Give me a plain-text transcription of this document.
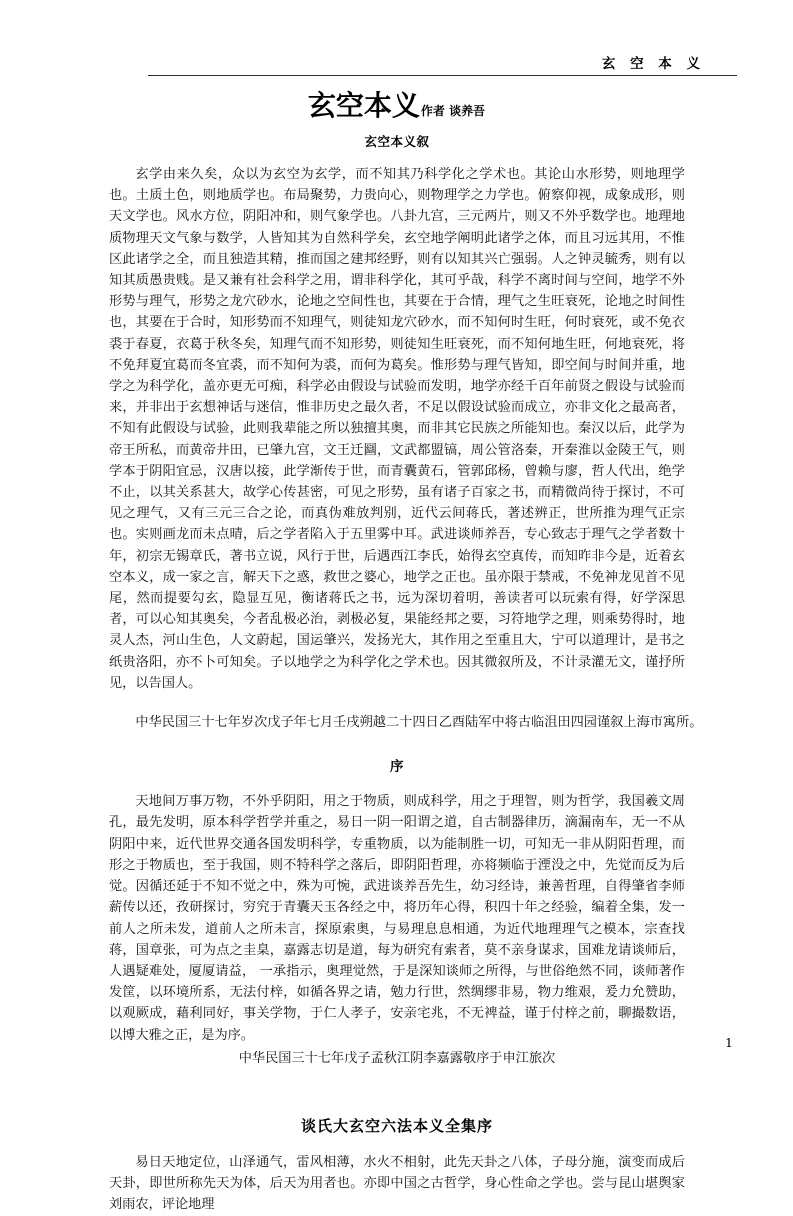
玄 空 本 义
玄空本义作者 谈养吾
玄空本义叙

玄学由来久矣，众以为玄空为玄学，而不知其乃科学化之学术也。其论山水形势，则地理学也。土质土色，则地质学也。布局聚势，力贵向心，则物理学之力学也。俯察仰视，成象成形，则天文学也。风水方位，阴阳冲和，则气象学也。八卦九宫，三元两片，则又不外乎数学也。地理地质物理天文气象与数学，人皆知其为自然科学矣，玄空地学阐明此诸学之体，而且习远其用，不惟区此诸学之全，而且独造其精，推而国之建邦经野，则有以知其兴亡强弱。人之钟灵毓秀，则有以知其质愚贵贱。是又兼有社会科学之用，谓非科学化，其可乎哉，科学不离时间与空间，地学不外形势与理气，形势之龙穴砂水，论地之空间性也，其要在于合情，理气之生旺衰死，论地之时间性也，其要在于合时，知形势而不知理气，则徒知龙穴砂水，而不知何时生旺，何时衰死，或不免衣裘于春夏，衣葛于秋冬矣，知理气而不知形势，则徒知生旺衰死，而不知何地生旺，何地衰死，将不免拜夏宜葛而冬宜裘，而不知何为裘，而何为葛矣。惟形势与理气皆知，即空间与时间并重，地学之为科学化，盖亦更无可痴，科学必由假设与试验而发明，地学亦经千百年前贤之假设与试验而来，并非出于玄想神话与迷信，惟非历史之最久者，不足以假设试验而成立，亦非文化之最高者，不知有此假设与试验，此则我辈能之所以独擅其奥，而非其它民族之所能知也。秦汉以后，此学为帝王所私，而黄帝井田，已肇九宫，文王迁圝，文武都盟镐，周公管洛秦，开秦淮以金陵王气，则学本于阴阳宜忌，汉唐以接，此学渐传于世，而青囊黄石，管郭邱杨，曾赖与廖，哲人代出，绝学不止，以其关系甚大，故学心传甚密，可见之形势，虽有诸子百家之书，而精微尚待于探讨，不可见之理气，又有三元三合之论，而真伪难放判别，近代云间蒋氏，著述辨正，世所推为理气正宗也。实则画龙而未点晴，后之学者陷入于五里雾中耳。武进谈师养吾，专心致志于理气之学者数十年，初宗无锡章氏，著书立说，风行于世，后遇西江李氏，始得玄空真传，而知昨非今是，近着玄空本义，成一家之言，解天下之惑，救世之婆心，地学之正也。虽亦限于禁戒，不免神龙见首不见尾，然而提要勾玄，隐显互见，衡诸蒋氏之书，远为深切着明，善读者可以玩索有得，好学深思者，可以心知其奥矣，今者乱极必治，剥极必复，果能经邦之要，习符地学之理，则乘势得时，地灵人杰，河山生色，人文蔚起，国运肇兴，发扬光大，其作用之至重且大，宁可以道理计，是书之纸贵洛阳，亦不卜可知矣。子以地学之为科学化之学术也。因其微叙所及，不计录灌无文，谨抒所见，以告国人。

中华民国三十七年岁次戊子年七月壬戌朔越二十四日乙酉陆军中将古临沮田四园谨叙上海市寓所。

序

天地间万事万物，不外乎阴阳，用之于物质，则成科学，用之于理智，则为哲学，我国羲文周孔，最先发明，原本科学哲学并重之，易日一阴一阳谓之道，自古制器律历，滴漏南车，无一不从阴阳中来，近代世界交通各国发明科学，专重物质，以为能制胜一切，可知无一非从阴阳哲理，而形之于物质也，至于我国，则不特科学之落后，即阴阳哲理，亦将频临于湮没之中，先觉而反为后觉。因循还延于不知不觉之中，殊为可惋，武进谈养吾先生，幼习经诗，兼善哲理，自得肇省李师薪传以还，孜研探讨，穷究于青囊天玉各经之中，将历年心得，积四十年之经验，编着全集，发一前人之所未发，道前人之所未言，探原索奥，与易理息息相通，为近代地理理气之模本，宗查找蒋，国章张，可为点之圭臬，嘉露志切是道，每为研究有索者，莫不亲身谋求，国难龙请谈师后，人遇疑难处，厦厦请益， 一承指示，奥理觉然，于是深知谈师之所得，与世俗绝然不同，谈师著作发筐，以环境所系，无法付梓，如循各界之请，勉力行世，然绸缪非易，物力维艰，爰力允赞助，以观厥成，藉利同好，事关学物，于仁人孝子，安亲宅兆，不无裨益，谨于付梓之前，聊撮数语，以博大雅之正，是为序。

中华民国三十七年戊子孟秋江阴李嘉露敬序于申江旅次

谈氏大玄空六法本义全集序

易日天地定位，山泽通气，雷风相薄，水火不相射，此先天卦之八体，子母分施，演变而成后天卦，即世所称先天为体，后天为用者也。亦即中国之古哲学，身心性命之学也。尝与昆山堪舆家刘雨农，评论地理

1
